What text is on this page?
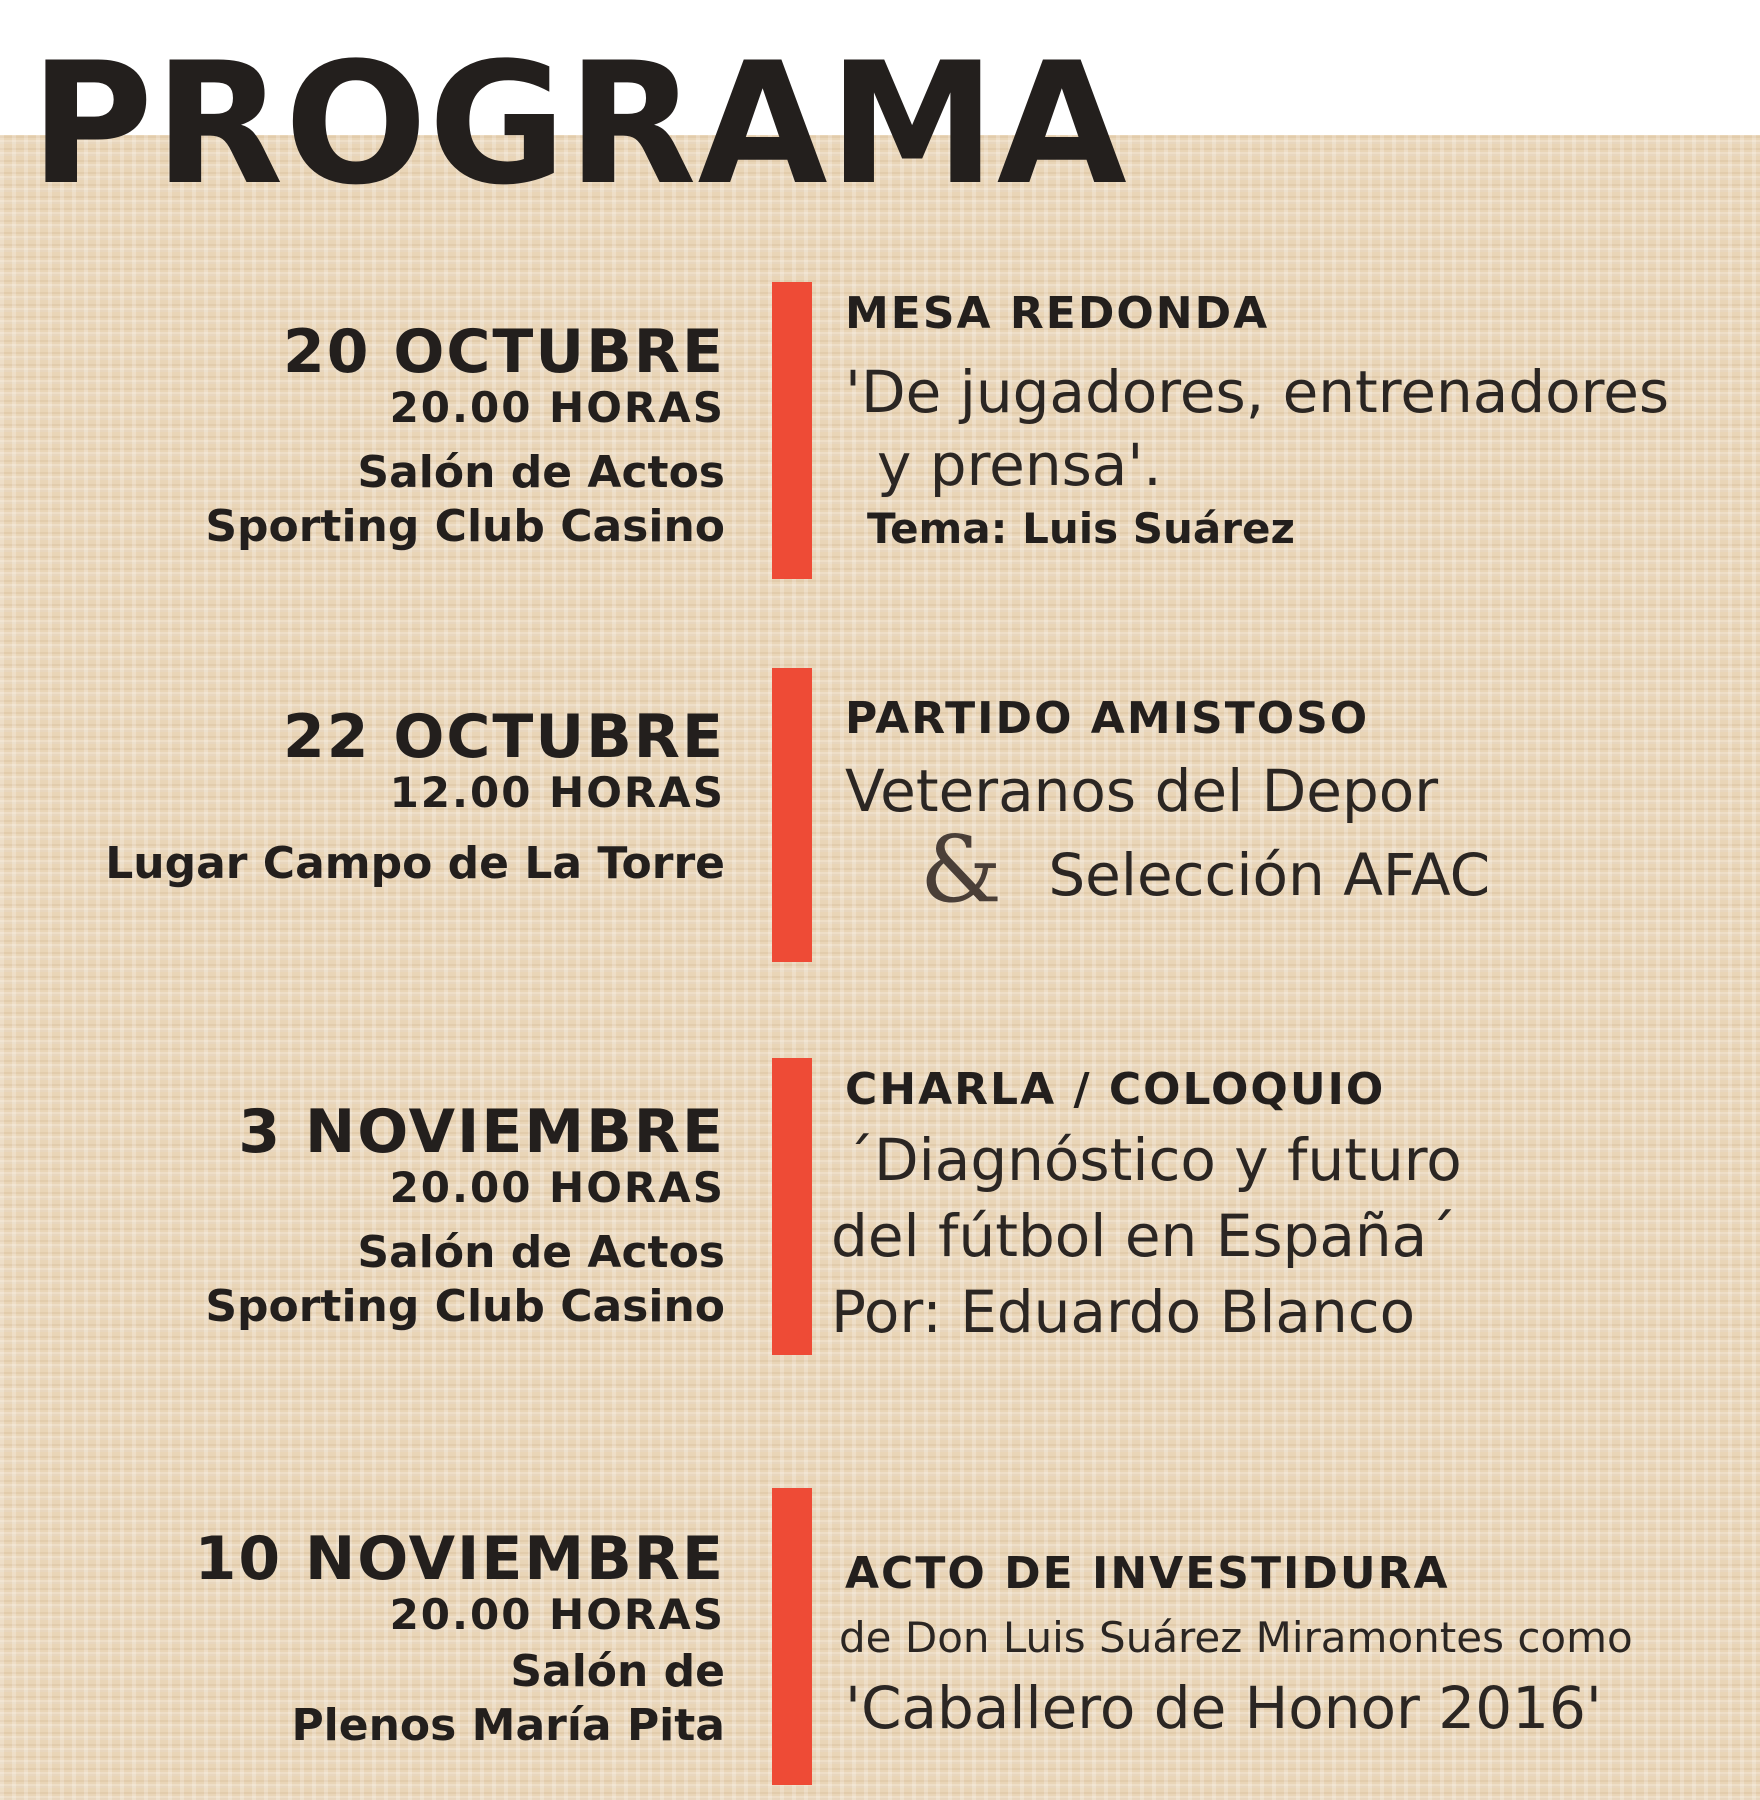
PROGRAMA
20 OCTUBRE
20.00 HORAS
Salón de Actos
Sporting Club Casino
MESA REDONDA
'De jugadores, entrenadores
y prensa'.
Tema: Luis Suárez
22 OCTUBRE
12.00 HORAS
Lugar Campo de La Torre
PARTIDO AMISTOSO
Veteranos del Depor
& Selección AFAC
3 NOVIEMBRE
20.00 HORAS
Salón de Actos
Sporting Club Casino
CHARLA / COLOQUIO
´Diagnóstico y futuro
del fútbol en España´
Por: Eduardo Blanco
10 NOVIEMBRE
20.00 HORAS
Salón de
Plenos María Pita
ACTO DE INVESTIDURA
de Don Luis Suárez Miramontes como
'Caballero de Honor 2016'
